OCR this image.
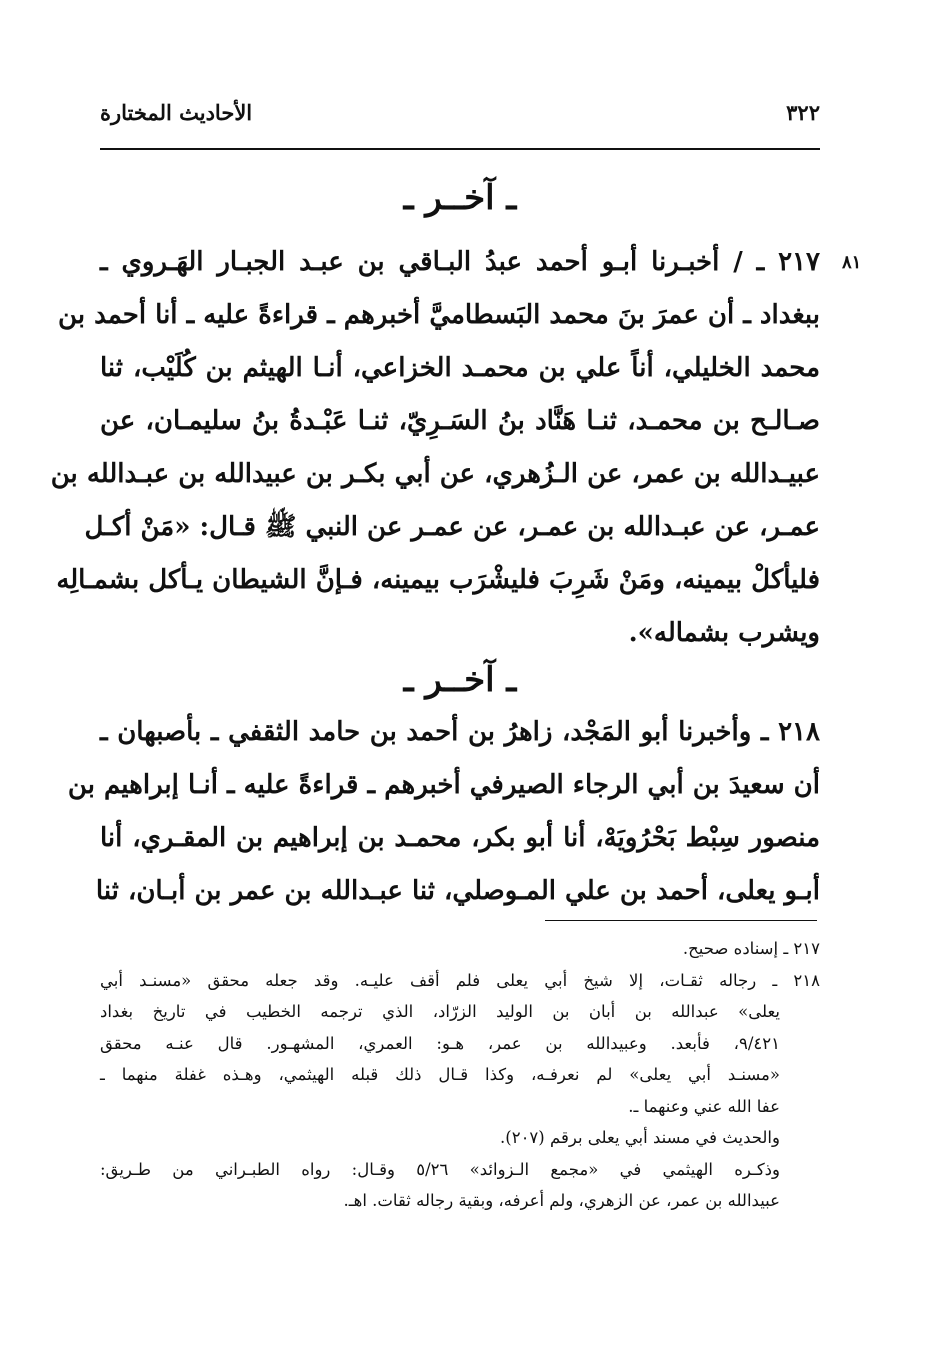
٣٢٢
الأحاديث المختارة
ـ آخــر ـ
٨١
٢١٧ ـ / أخبـرنا أبـو أحمد عبدُ البـاقي بن عبـد الجبـار الهَـروي ـ
ببغداد ـ أن عمرَ بنَ محمد البَسطاميَّ أخبرهم ـ قراءةً عليه ـ أنا أحمد بن
محمد الخليلي، أناً علي بن محمـد الخزاعي، أنـا الهيثم بن كُلَيْب، ثنا
صـالـح بن محمـد، ثنـا هَنَّاد بنُ السَـرِيّ، ثنـا عَبْـدةُ بنُ سليمـان، عن
عبيـدالله بن عمر، عن الـزُهري، عن أبي بكـر بن عبيدالله بن عبـدالله بن
عمـر، عن عبـدالله بن عمـر، عن عمـر عن النبي ﷺ قـال: «مَنْ أكـل
فليأكلْ بيمينه، ومَنْ شَرِبَ فليشْرَب بيمينه، فـإنَّ الشيطان يـأكل بشمـالِه
ويشرب بشماله».
ـ آخــر ـ
٢١٨ ـ وأخبرنا أبو المَجْد، زاهرُ بن أحمد بن حامد الثقفي ـ بأصبهان ـ
أن سعيدَ بن أبي الرجاء الصيرفي أخبرهم ـ قراءةً عليه ـ أنـا إبراهيم بن
منصور سِبْط بَحْرُويَهْ، أنا أبو بكر، محمـد بن إبراهيم بن المقـري، أنا
أبـو يعلى، أحمد بن علي المـوصلي، ثنا عبـدالله بن عمر بن أبـان، ثنا
٢١٧ ـ إسناده صحيح.
٢١٨ ـ رجاله ثقـات، إلا شيخ أبي يعلى فلم أقف عليـه. وقد جعله محقق «مسنـد أبي
يعلى» عبدالله بن أبان بن الوليد الزرّاد، الذي ترجمه الخطيب في تاريخ بغداد
٩/٤٢١، فأبعد. وعبيدالله بن عمر، هـو: العمري، المشهـور. قال عنـه محقق
«مسنـد أبي يعلى» لم نعرفـه، وكذا قـال ذلك قبله الهيثمي، وهـذه غفلة منهما ـ
عفا الله عني وعنهما ـ.
والحديث في مسند أبي يعلى برقم (٢٠٧).
وذكـره الهيثمي في «مجمع الـزوائد» ٥/٢٦ وقـال: رواه الطبـراني من طـريق:
عبيدالله بن عمر، عن الزهري، ولم أعرفه، وبقية رجاله ثقات. اهـ.
